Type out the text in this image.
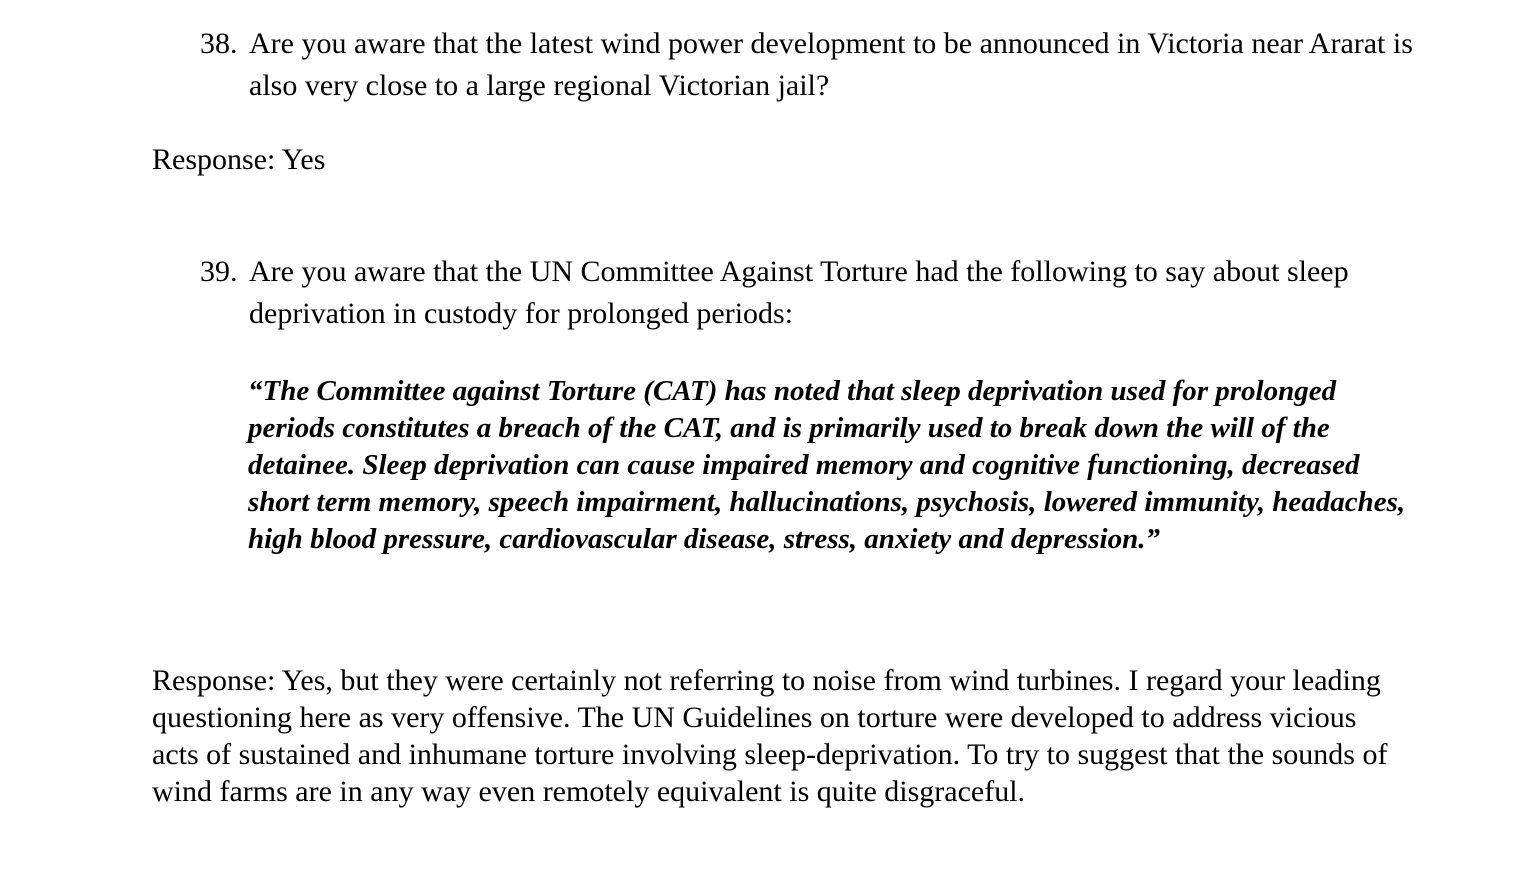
38. Are you aware that the latest wind power development to be announced in Victoria near Ararat is also very close to a large regional Victorian jail?
Response: Yes
39. Are you aware that the UN Committee Against Torture had the following to say about sleep deprivation in custody for prolonged periods:
“The Committee against Torture (CAT) has noted that sleep deprivation used for prolonged periods constitutes a breach of the CAT, and is primarily used to break down the will of the detainee. Sleep deprivation can cause impaired memory and cognitive functioning, decreased short term memory, speech impairment, hallucinations, psychosis, lowered immunity, headaches, high blood pressure, cardiovascular disease, stress, anxiety and depression.”
Response: Yes, but they were certainly not referring to noise from wind turbines. I regard your leading questioning here as very offensive. The UN Guidelines on torture were developed to address vicious acts of sustained and inhumane torture involving sleep-deprivation. To try to suggest that the sounds of wind farms are in any way even remotely equivalent is quite disgraceful.
